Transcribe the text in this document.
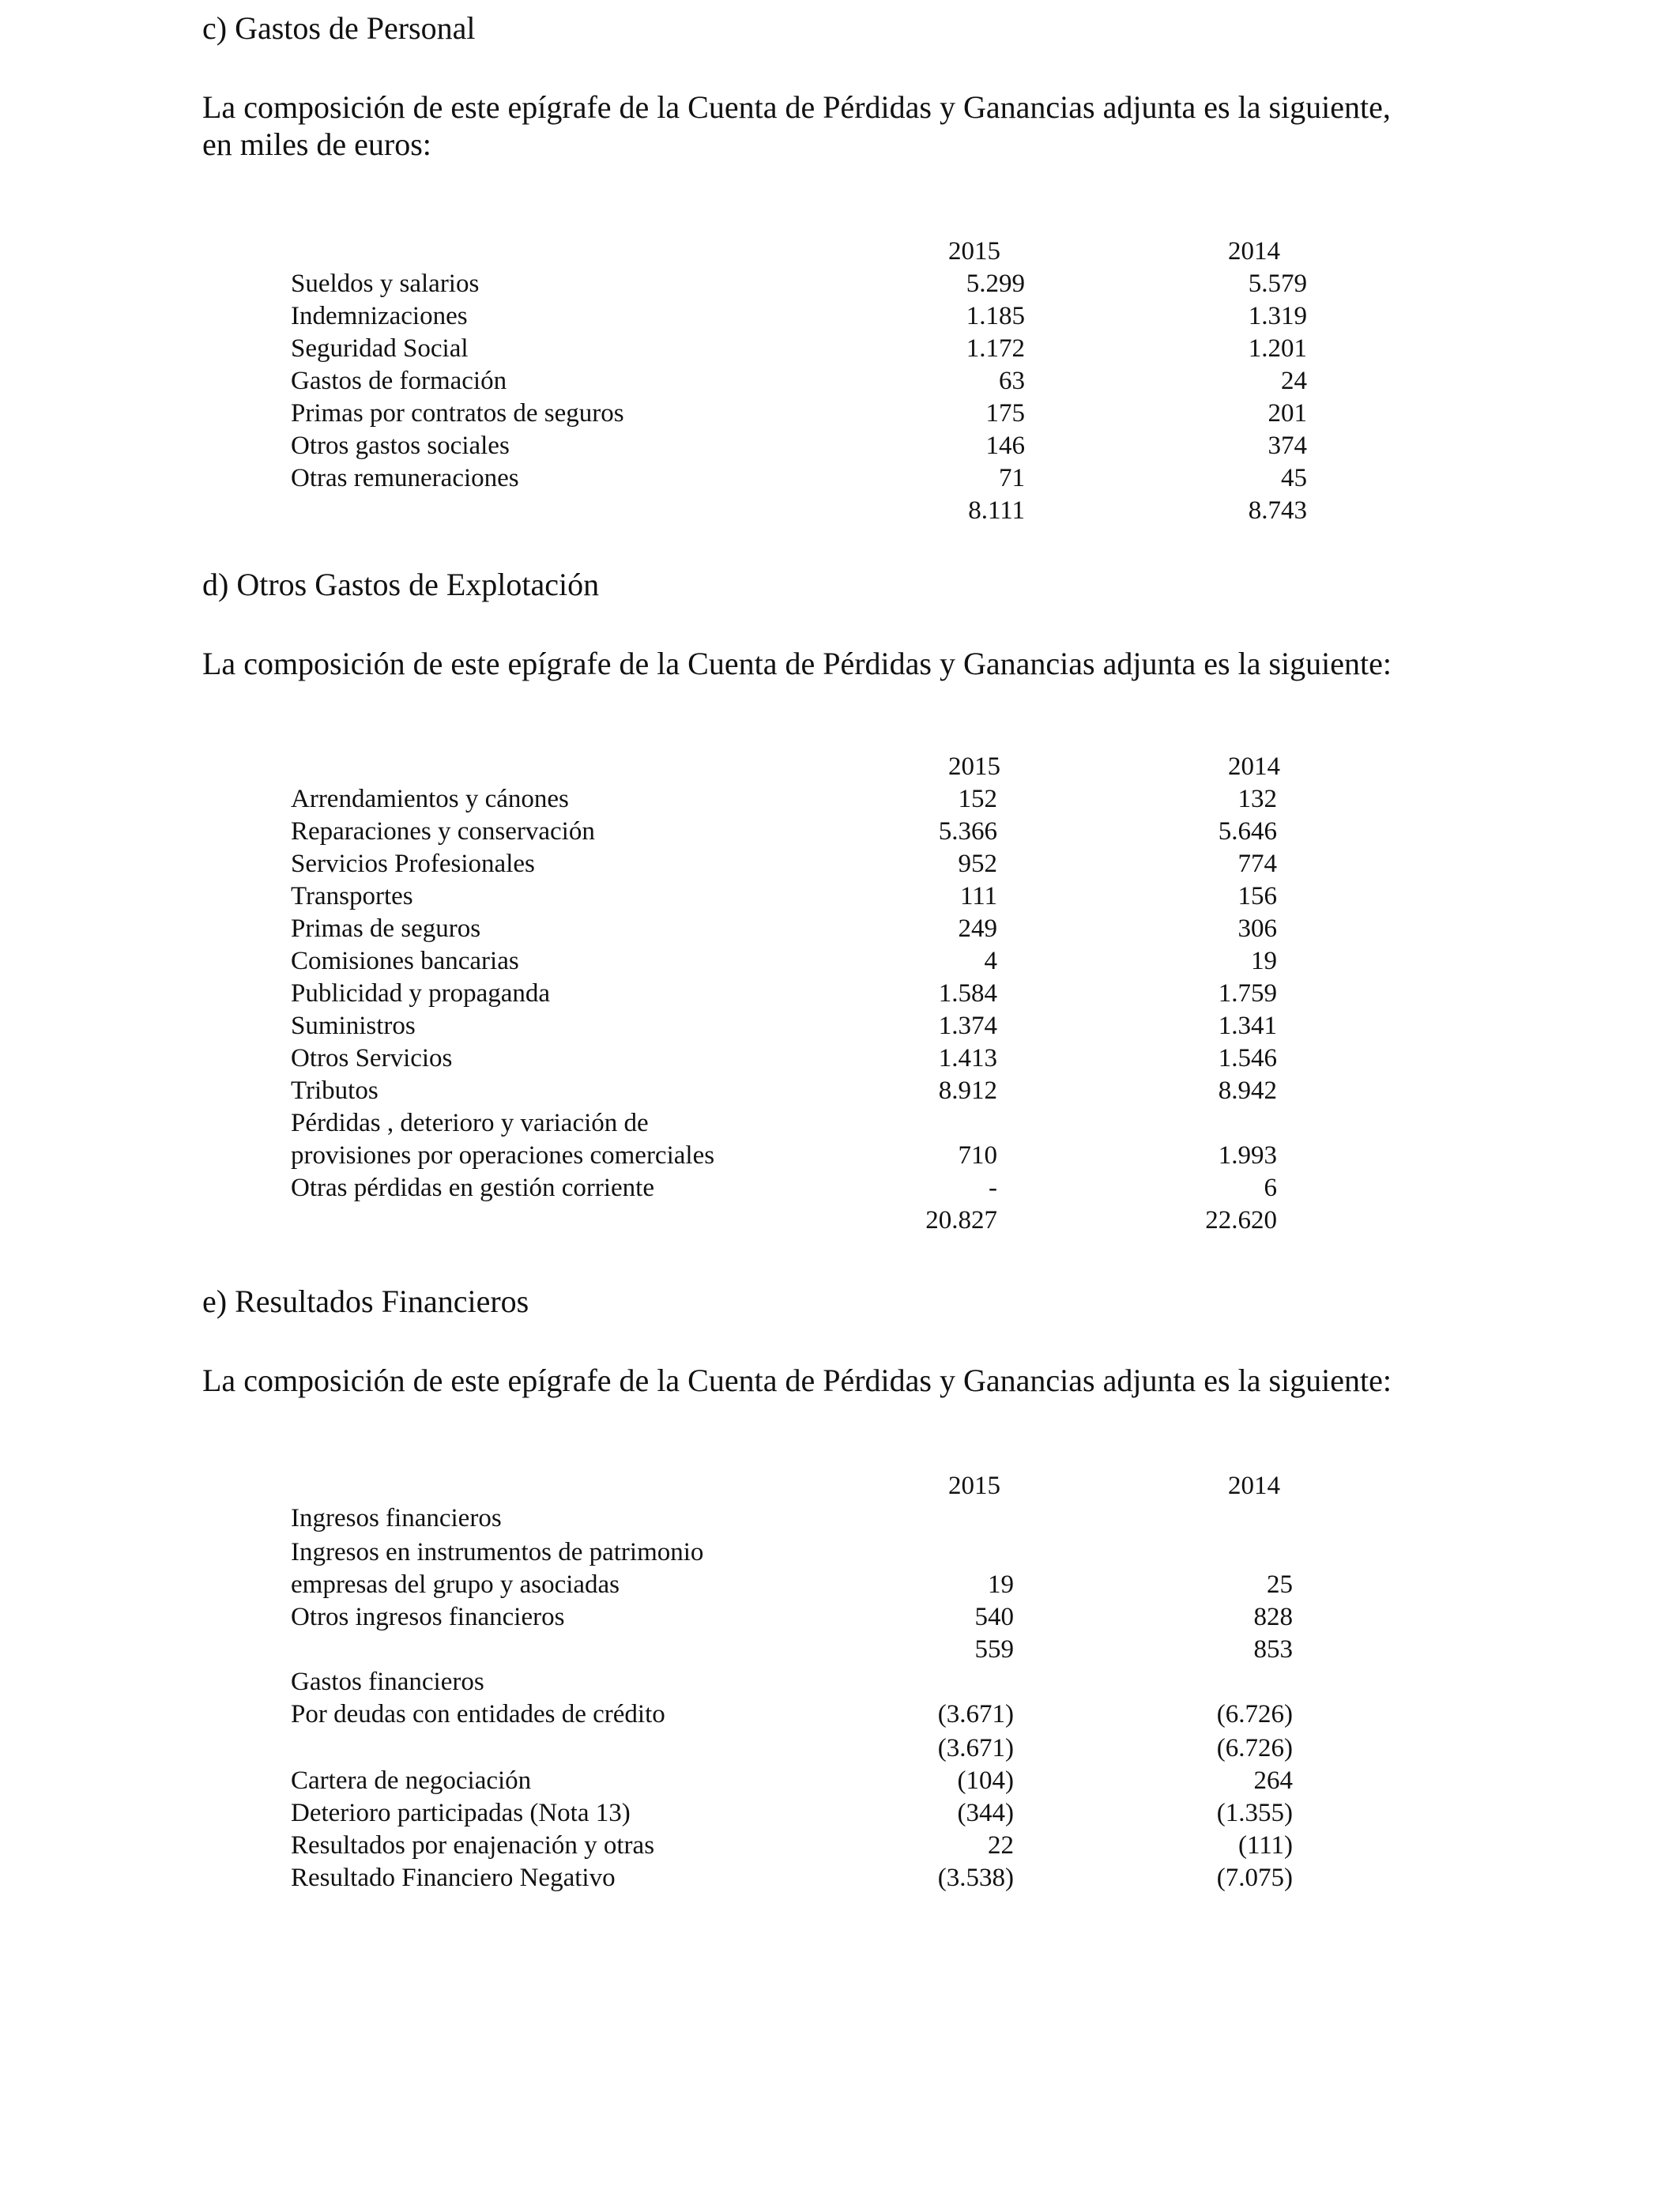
c) Gastos de Personal
La composición de este epígrafe de la Cuenta de Pérdidas y Ganancias adjunta es la siguiente,
en miles de euros:
2015	2014
Sueldos y salarios	5.299	5.579
Indemnizaciones	1.185	1.319
Seguridad Social	1.172	1.201
Gastos de formación	63	24
Primas por contratos de seguros	175	201
Otros gastos sociales	146	374
Otras remuneraciones	71	45
8.111	8.743
d) Otros Gastos de Explotación
La composición de este epígrafe de la Cuenta de Pérdidas y Ganancias adjunta es la siguiente:
2015	2014
Arrendamientos y cánones	152	132
Reparaciones y conservación	5.366	5.646
Servicios Profesionales	952	774
Transportes	111	156
Primas de seguros	249	306
Comisiones bancarias	4	19
Publicidad y propaganda	1.584	1.759
Suministros	1.374	1.341
Otros Servicios	1.413	1.546
Tributos	8.912	8.942
Pérdidas , deterioro y variación de
provisiones por operaciones comerciales	710	1.993
Otras pérdidas en gestión corriente	-	6
20.827	22.620
e) Resultados Financieros
La composición de este epígrafe de la Cuenta de Pérdidas y Ganancias adjunta es la siguiente:
2015	2014
Ingresos financieros
Ingresos en instrumentos de patrimonio
empresas del grupo y asociadas	19	25
Otros ingresos financieros	540	828
559	853
Gastos financieros
Por deudas con entidades de crédito	(3.671)	(6.726)
(3.671)	(6.726)
Cartera de negociación	(104)	264
Deterioro participadas (Nota 13)	(344)	(1.355)
Resultados por enajenación y otras	22	(111)
Resultado Financiero Negativo	(3.538)	(7.075)
